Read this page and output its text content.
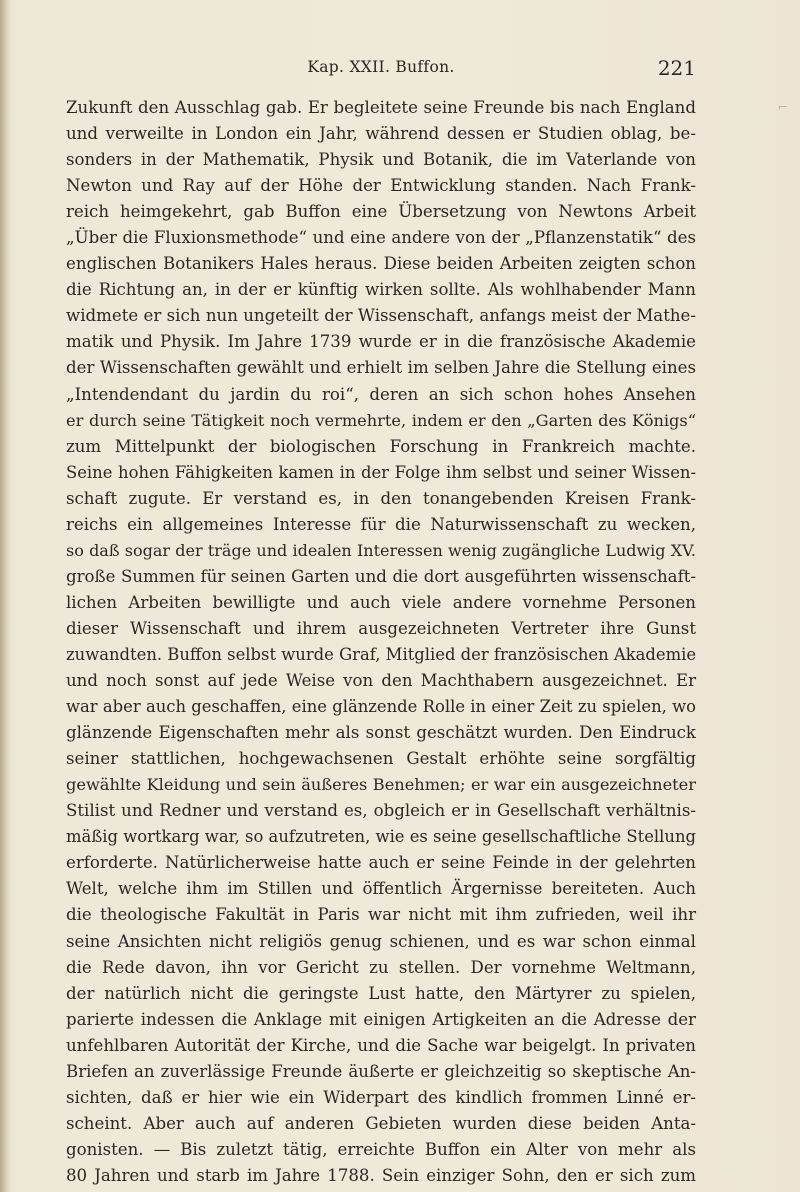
Kap. XXII. Buffon.	221
Zukunft den Ausschlag gab. Er begleitete seine Freunde bis nach England
und verweilte in London ein Jahr, während dessen er Studien oblag, be-
sonders in der Mathematik, Physik und Botanik, die im Vaterlande von
Newton und Ray auf der Höhe der Entwicklung standen. Nach Frank-
reich heimgekehrt, gab Buffon eine Übersetzung von Newtons Arbeit
„Über die Fluxionsmethode“ und eine andere von der „Pflanzenstatik“ des
englischen Botanikers Hales heraus. Diese beiden Arbeiten zeigten schon
die Richtung an, in der er künftig wirken sollte. Als wohlhabender Mann
widmete er sich nun ungeteilt der Wissenschaft, anfangs meist der Mathe-
matik und Physik. Im Jahre 1739 wurde er in die französische Akademie
der Wissenschaften gewählt und erhielt im selben Jahre die Stellung eines
„Intendendant du jardin du roi“, deren an sich schon hohes Ansehen
er durch seine Tätigkeit noch vermehrte, indem er den „Garten des Königs“
zum Mittelpunkt der biologischen Forschung in Frankreich machte.
Seine hohen Fähigkeiten kamen in der Folge ihm selbst und seiner Wissen-
schaft zugute. Er verstand es, in den tonangebenden Kreisen Frank-
reichs ein allgemeines Interesse für die Naturwissenschaft zu wecken,
so daß sogar der träge und idealen Interessen wenig zugängliche Ludwig XV.
große Summen für seinen Garten und die dort ausgeführten wissenschaft-
lichen Arbeiten bewilligte und auch viele andere vornehme Personen
dieser Wissenschaft und ihrem ausgezeichneten Vertreter ihre Gunst
zuwandten. Buffon selbst wurde Graf, Mitglied der französischen Akademie
und noch sonst auf jede Weise von den Machthabern ausgezeichnet. Er
war aber auch geschaffen, eine glänzende Rolle in einer Zeit zu spielen, wo
glänzende Eigenschaften mehr als sonst geschätzt wurden. Den Eindruck
seiner stattlichen, hochgewachsenen Gestalt erhöhte seine sorgfältig
gewählte Kleidung und sein äußeres Benehmen; er war ein ausgezeichneter
Stilist und Redner und verstand es, obgleich er in Gesellschaft verhältnis-
mäßig wortkarg war, so aufzutreten, wie es seine gesellschaftliche Stellung
erforderte. Natürlicherweise hatte auch er seine Feinde in der gelehrten
Welt, welche ihm im Stillen und öffentlich Ärgernisse bereiteten. Auch
die theologische Fakultät in Paris war nicht mit ihm zufrieden, weil ihr
seine Ansichten nicht religiös genug schienen, und es war schon einmal
die Rede davon, ihn vor Gericht zu stellen. Der vornehme Weltmann,
der natürlich nicht die geringste Lust hatte, den Märtyrer zu spielen,
parierte indessen die Anklage mit einigen Artigkeiten an die Adresse der
unfehlbaren Autorität der Kirche, und die Sache war beigelgt. In privaten
Briefen an zuverlässige Freunde äußerte er gleichzeitig so skeptische An-
sichten, daß er hier wie ein Widerpart des kindlich frommen Linné er-
scheint. Aber auch auf anderen Gebieten wurden diese beiden Anta-
gonisten. — Bis zuletzt tätig, erreichte Buffon ein Alter von mehr als
80 Jahren und starb im Jahre 1788. Sein einziger Sohn, den er sich zum
⌐
